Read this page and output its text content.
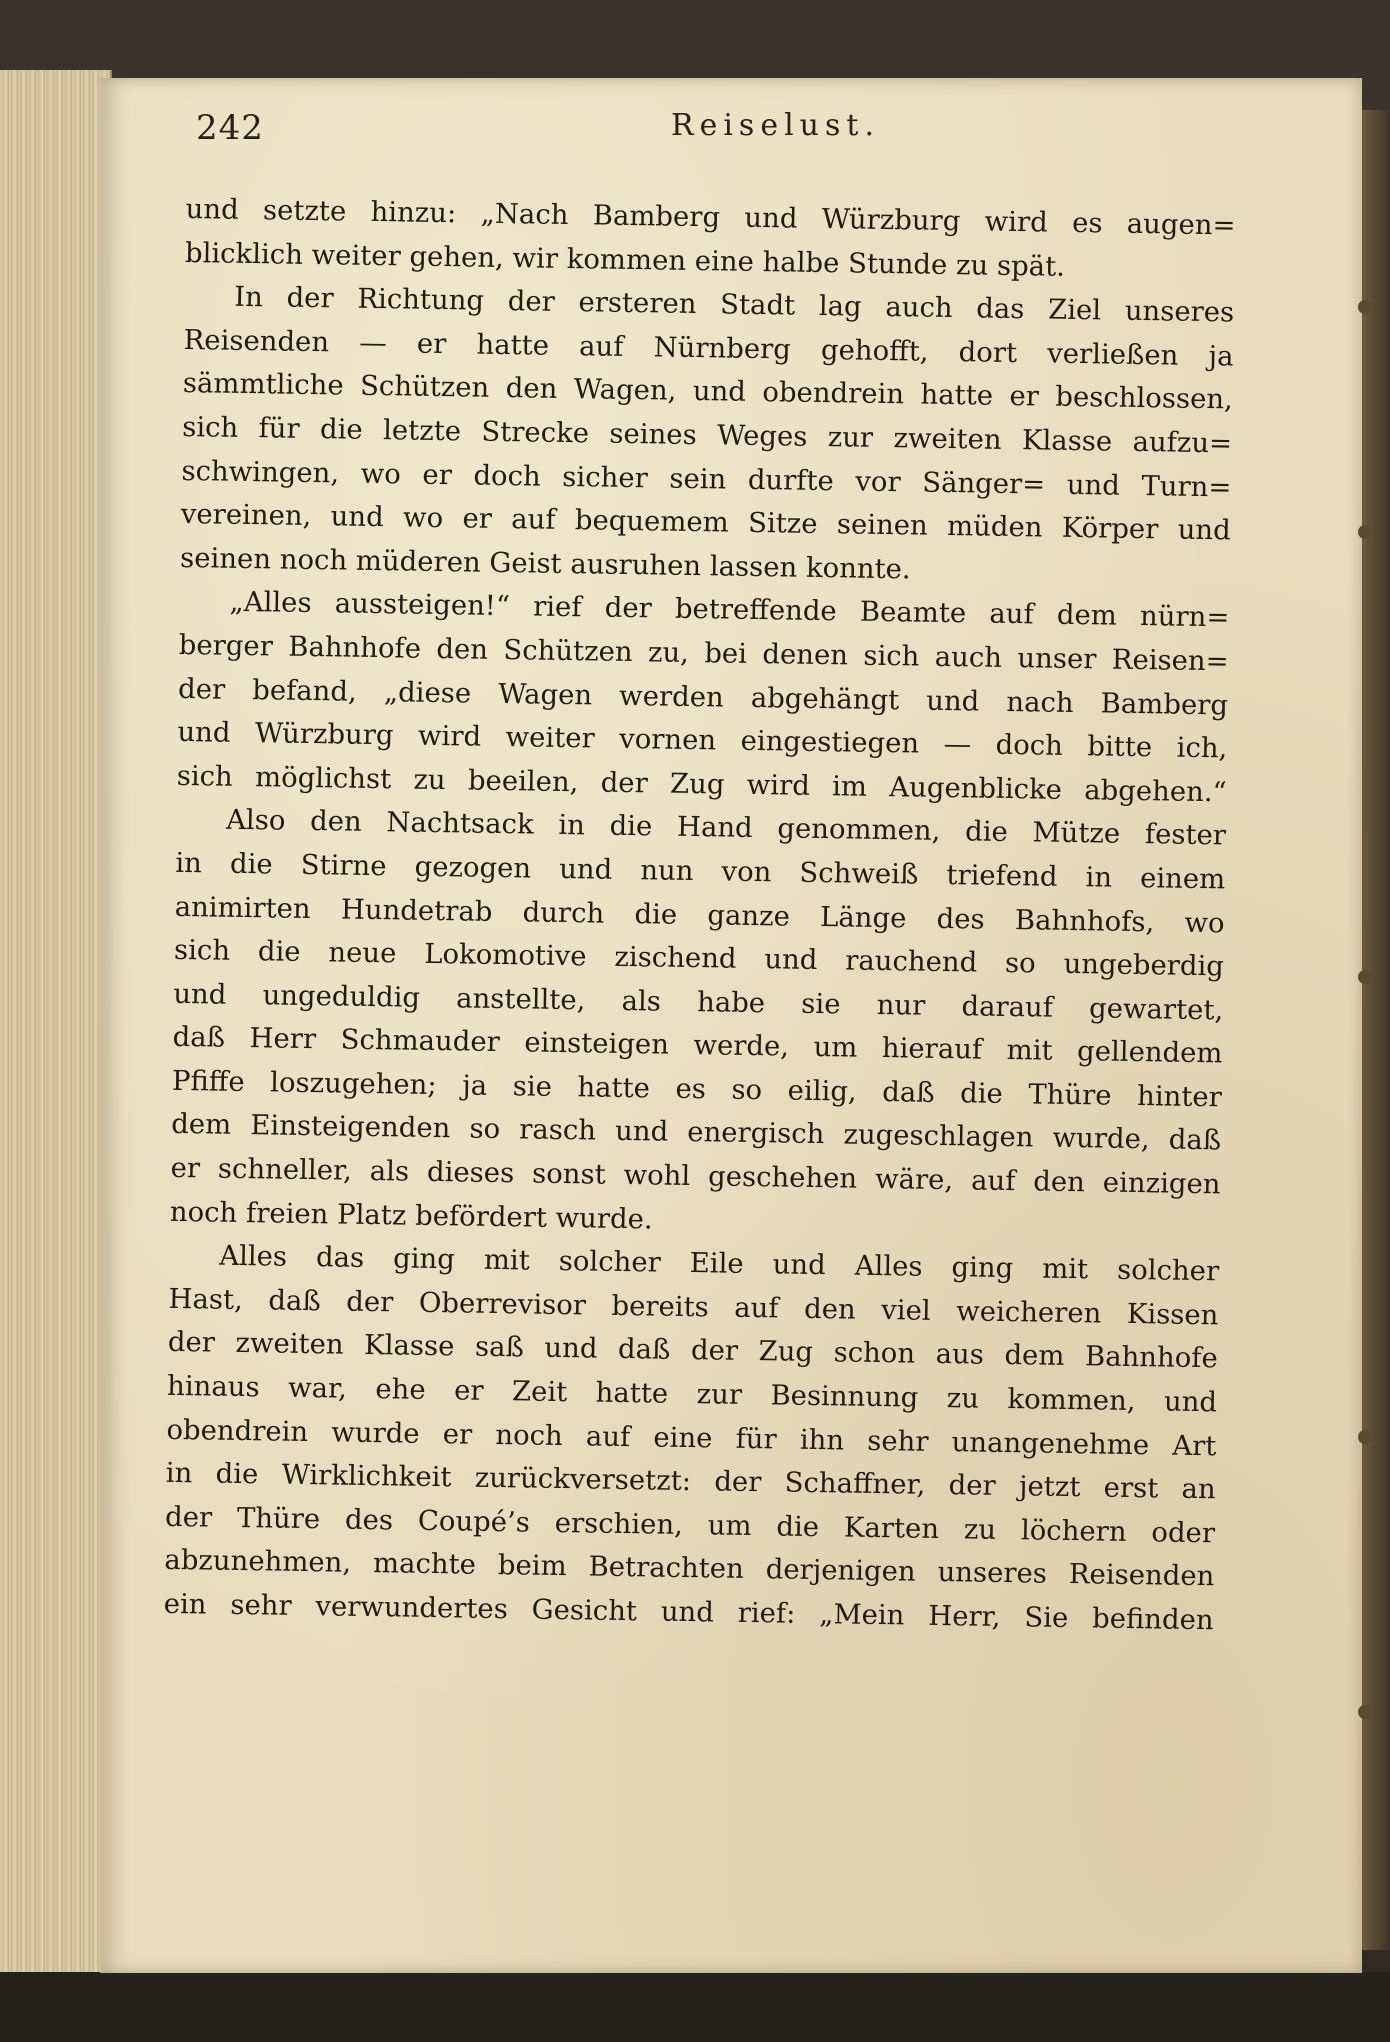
242	Reiselust.
und setzte hinzu: „Nach Bamberg und Würzburg wird es augen=
blicklich weiter gehen, wir kommen eine halbe Stunde zu spät.
In der Richtung der ersteren Stadt lag auch das Ziel unseres
Reisenden — er hatte auf Nürnberg gehofft, dort verließen ja
sämmtliche Schützen den Wagen, und obendrein hatte er beschlossen,
sich für die letzte Strecke seines Weges zur zweiten Klasse aufzu=
schwingen, wo er doch sicher sein durfte vor Sänger= und Turn=
vereinen, und wo er auf bequemem Sitze seinen müden Körper und
seinen noch müderen Geist ausruhen lassen konnte.
„Alles aussteigen!“ rief der betreffende Beamte auf dem nürn=
berger Bahnhofe den Schützen zu, bei denen sich auch unser Reisen=
der befand, „diese Wagen werden abgehängt und nach Bamberg
und Würzburg wird weiter vornen eingestiegen — doch bitte ich,
sich möglichst zu beeilen, der Zug wird im Augenblicke abgehen.“
Also den Nachtsack in die Hand genommen, die Mütze fester
in die Stirne gezogen und nun von Schweiß triefend in einem
animirten Hundetrab durch die ganze Länge des Bahnhofs, wo
sich die neue Lokomotive zischend und rauchend so ungeberdig
und ungeduldig anstellte, als habe sie nur darauf gewartet,
daß Herr Schmauder einsteigen werde, um hierauf mit gellendem
Pfiffe loszugehen; ja sie hatte es so eilig, daß die Thüre hinter
dem Einsteigenden so rasch und energisch zugeschlagen wurde, daß
er schneller, als dieses sonst wohl geschehen wäre, auf den einzigen
noch freien Platz befördert wurde.
Alles das ging mit solcher Eile und Alles ging mit solcher
Hast, daß der Oberrevisor bereits auf den viel weicheren Kissen
der zweiten Klasse saß und daß der Zug schon aus dem Bahnhofe
hinaus war, ehe er Zeit hatte zur Besinnung zu kommen, und
obendrein wurde er noch auf eine für ihn sehr unangenehme Art
in die Wirklichkeit zurückversetzt: der Schaffner, der jetzt erst an
der Thüre des Coupé’s erschien, um die Karten zu löchern oder
abzunehmen, machte beim Betrachten derjenigen unseres Reisenden
ein sehr verwundertes Gesicht und rief: „Mein Herr, Sie befinden
